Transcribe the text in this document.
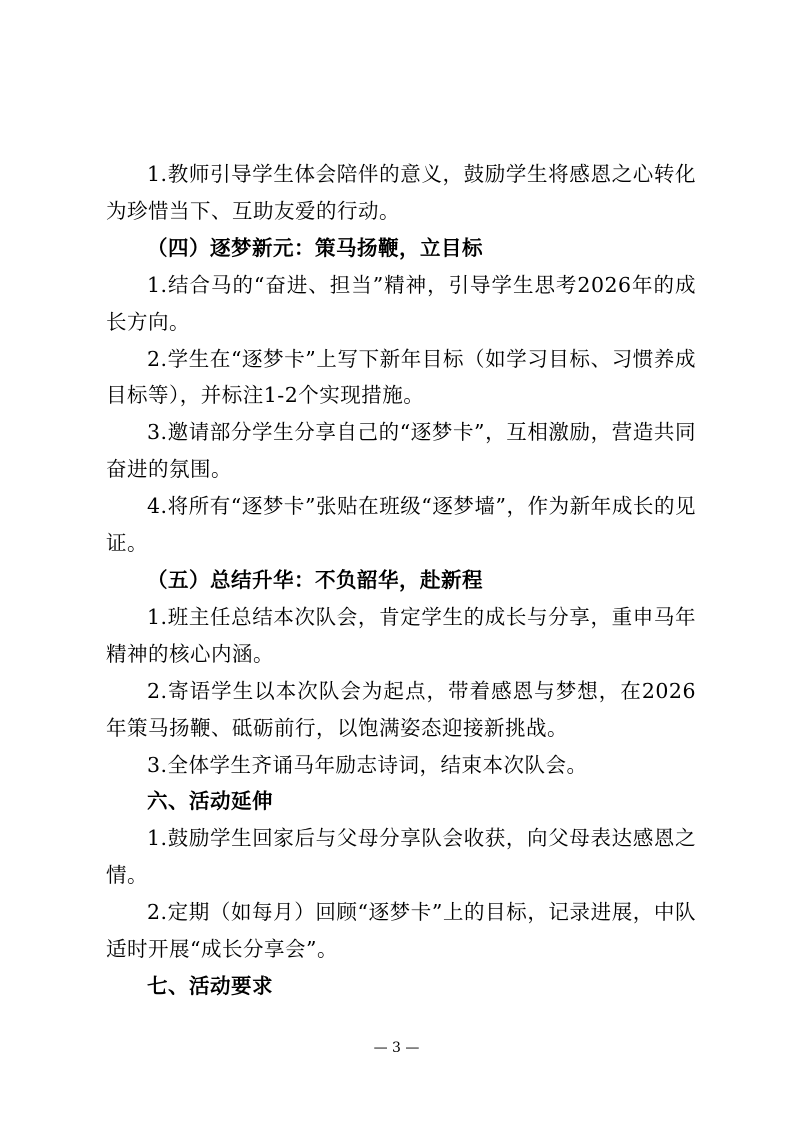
1.教师引导学生体会陪伴的意义，鼓励学生将感恩之心转化为珍惜当下、互助友爱的行动。

（四）逐梦新元：策马扬鞭，立目标

1.结合马的“奋进、担当”精神，引导学生思考2026年的成长方向。

2.学生在“逐梦卡”上写下新年目标（如学习目标、习惯养成目标等），并标注1-2个实现措施。

3.邀请部分学生分享自己的“逐梦卡”，互相激励，营造共同奋进的氛围。

4.将所有“逐梦卡”张贴在班级“逐梦墙”，作为新年成长的见证。

（五）总结升华：不负韶华，赴新程

1.班主任总结本次队会，肯定学生的成长与分享，重申马年精神的核心内涵。

2.寄语学生以本次队会为起点，带着感恩与梦想，在2026年策马扬鞭、砥砺前行，以饱满姿态迎接新挑战。

3.全体学生齐诵马年励志诗词，结束本次队会。

六、活动延伸

1.鼓励学生回家后与父母分享队会收获，向父母表达感恩之情。

2.定期（如每月）回顾“逐梦卡”上的目标，记录进展，中队适时开展“成长分享会”。

七、活动要求

— 3 —
